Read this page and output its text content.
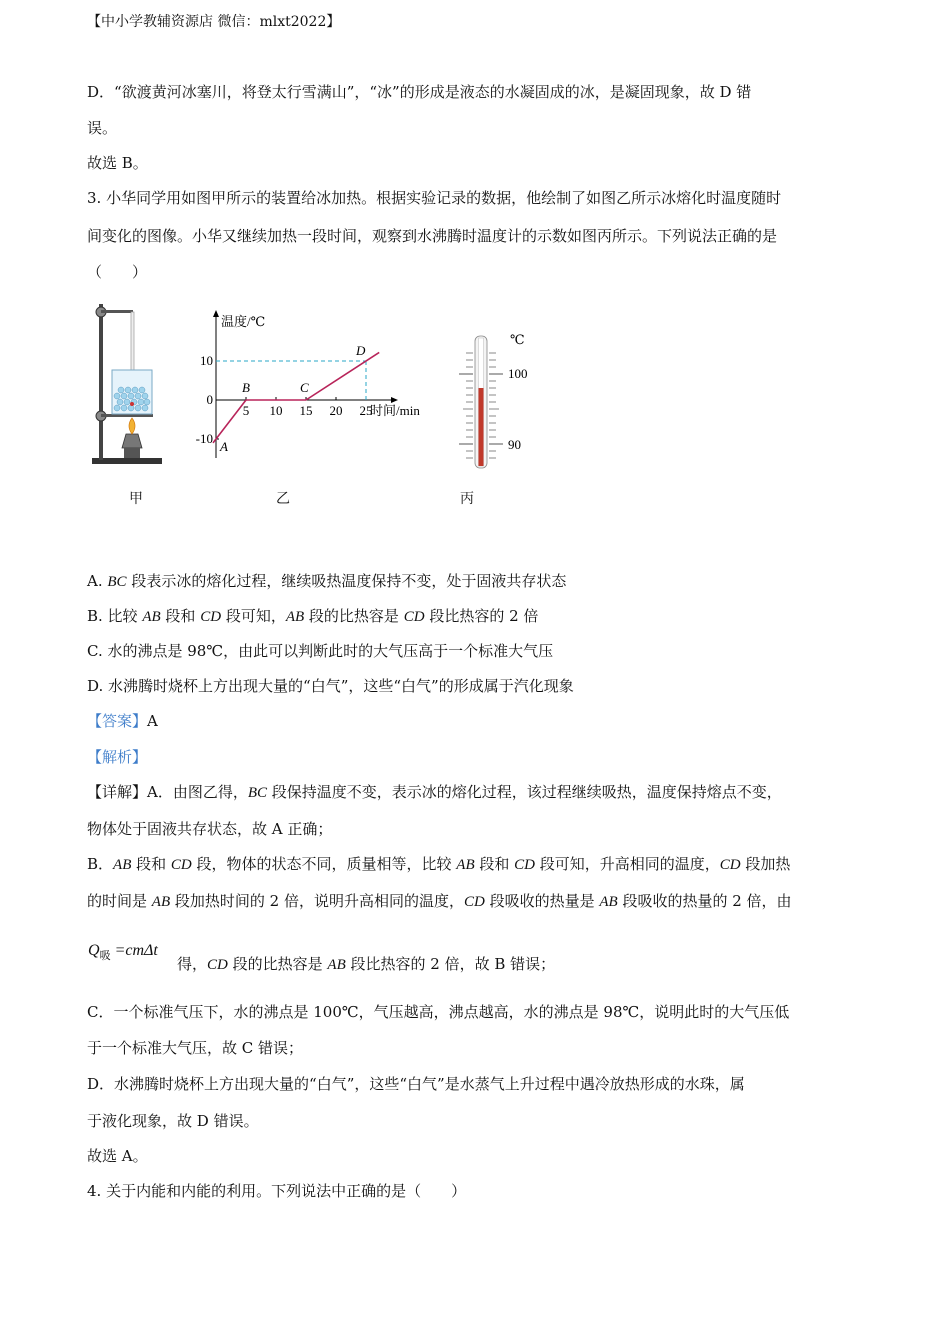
【中小学教辅资源店 微信：mlxt2022】
D．“欲渡黄河冰塞川，将登太行雪满山”，“冰”的形成是液态的水凝固成的冰，是凝固现象，故 D 错
误。
故选 B。
3. 小华同学用如图甲所示的装置给冰加热。根据实验记录的数据，他绘制了如图乙所示冰熔化时温度随时
间变化的图像。小华又继续加热一段时间，观察到水沸腾时温度计的示数如图丙所示。下列说法正确的是
（　　）
甲
温度/℃
时间/min
5 10 15 20 25
10
0
-10
A
B	C
D
乙
℃
100
90
丙
A. BC 段表示冰的熔化过程，继续吸热温度保持不变，处于固液共存状态
B. 比较 AB 段和 CD 段可知，AB 段的比热容是 CD 段比热容的 2 倍
C. 水的沸点是 98℃，由此可以判断此时的大气压高于一个标准大气压
D. 水沸腾时烧杯上方出现大量的“白气”，这些“白气”的形成属于汽化现象
【答案】A
【解析】
【详解】A．由图乙得，BC 段保持温度不变，表示冰的熔化过程，该过程继续吸热，温度保持熔点不变，
物体处于固液共存状态，故 A 正确；
B．AB 段和 CD 段，物体的状态不同，质量相等，比较 AB 段和 CD 段可知，升高相同的温度，CD 段加热
的时间是 AB 段加热时间的 2 倍，说明升高相同的温度，CD 段吸收的热量是 AB 段吸收的热量的 2 倍，由
$Q_吸 =cm\Delta t$
得，CD 段的比热容是 AB 段比热容的 2 倍，故 B 错误；
C．一个标准气压下，水的沸点是 100℃，气压越高，沸点越高，水的沸点是 98℃，说明此时的大气压低
于一个标准大气压，故 C 错误；
D．水沸腾时烧杯上方出现大量的“白气”，这些“白气”是水蒸气上升过程中遇冷放热形成的水珠，属
于液化现象，故 D 错误。
故选 A。
4. 关于内能和内能的利用。下列说法中正确的是（　　）
